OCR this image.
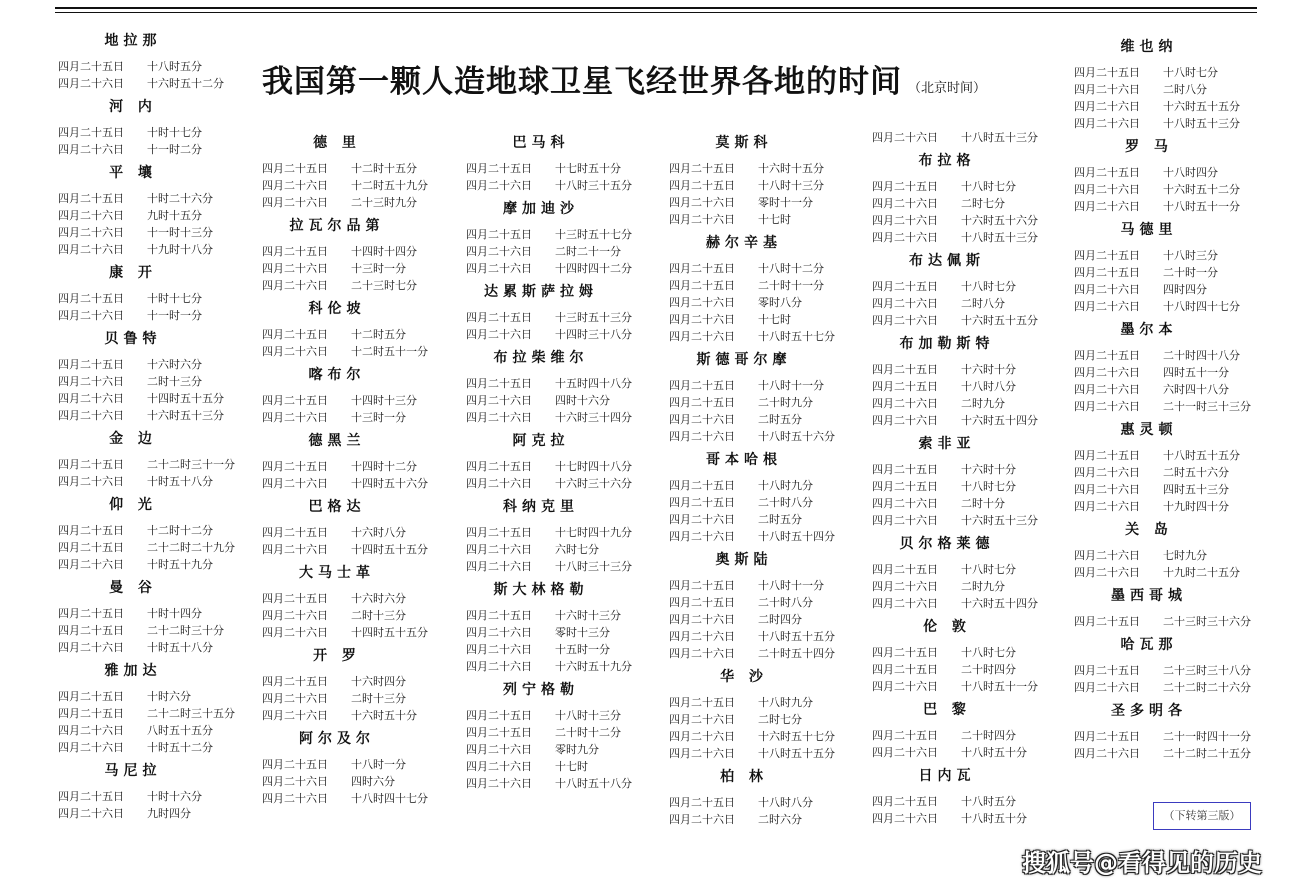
我国第一颗人造地球卫星飞经世界各地的时间 （北京时间）
地拉那
四月二十五日	十八时五分
四月二十六日	十六时五十二分
河 内
四月二十五日	十时十七分
四月二十六日	十一时二分
平 壤
四月二十五日	十时二十六分
四月二十六日	九时十五分
四月二十六日	十一时十三分
四月二十六日	十九时十八分
康 开
四月二十五日	十时十七分
四月二十六日	十一时一分
贝鲁特
四月二十五日	十六时六分
四月二十六日	二时十三分
四月二十六日	十四时五十五分
四月二十六日	十六时五十三分
金 边
四月二十五日	二十二时三十一分
四月二十六日	十时五十八分
仰 光
四月二十五日	十二时十二分
四月二十五日	二十二时二十九分
四月二十六日	十时五十九分
曼 谷
四月二十五日	十时十四分
四月二十五日	二十二时三十分
四月二十六日	十时五十八分
雅加达
四月二十五日	十时六分
四月二十五日	二十二时三十五分
四月二十六日	八时五十五分
四月二十六日	十时五十二分
马尼拉
四月二十五日	十时十六分
四月二十六日	九时四分
德 里
四月二十五日	十二时十五分
四月二十六日	十二时五十九分
四月二十六日	二十三时九分
拉瓦尔品第
四月二十五日	十四时十四分
四月二十六日	十三时一分
四月二十六日	二十三时七分
科伦坡
四月二十五日	十二时五分
四月二十六日	十二时五十一分
喀布尔
四月二十五日	十四时十三分
四月二十六日	十三时一分
德黑兰
四月二十五日	十四时十二分
四月二十六日	十四时五十六分
巴格达
四月二十五日	十六时八分
四月二十六日	十四时五十五分
大马士革
四月二十五日	十六时六分
四月二十六日	二时十三分
四月二十六日	十四时五十五分
开 罗
四月二十五日	十六时四分
四月二十六日	二时十三分
四月二十六日	十六时五十分
阿尔及尔
四月二十五日	十八时一分
四月二十六日	四时六分
四月二十六日	十八时四十七分
巴马科
四月二十五日	十七时五十分
四月二十六日	十八时三十五分
摩加迪沙
四月二十五日	十三时五十七分
四月二十六日	二时二十一分
四月二十六日	十四时四十二分
达累斯萨拉姆
四月二十五日	十三时五十三分
四月二十六日	十四时三十八分
布拉柴维尔
四月二十五日	十五时四十八分
四月二十六日	四时十六分
四月二十六日	十六时三十四分
阿克拉
四月二十五日	十七时四十八分
四月二十六日	十六时三十六分
科纳克里
四月二十五日	十七时四十九分
四月二十六日	六时七分
四月二十六日	十八时三十三分
斯大林格勒
四月二十五日	十六时十三分
四月二十六日	零时十三分
四月二十六日	十五时一分
四月二十六日	十六时五十九分
列宁格勒
四月二十五日	十八时十三分
四月二十五日	二十时十二分
四月二十六日	零时九分
四月二十六日	十七时
四月二十六日	十八时五十八分
莫斯科
四月二十五日	十六时十五分
四月二十五日	十八时十三分
四月二十六日	零时十一分
四月二十六日	十七时
赫尔辛基
四月二十五日	十八时十二分
四月二十五日	二十时十一分
四月二十六日	零时八分
四月二十六日	十七时
四月二十六日	十八时五十七分
斯德哥尔摩
四月二十五日	十八时十一分
四月二十五日	二十时九分
四月二十六日	二时五分
四月二十六日	十八时五十六分
哥本哈根
四月二十五日	十八时九分
四月二十五日	二十时八分
四月二十六日	二时五分
四月二十六日	十八时五十四分
奥斯陆
四月二十五日	十八时十一分
四月二十五日	二十时八分
四月二十六日	二时四分
四月二十六日	十八时五十五分
四月二十六日	二十时五十四分
华 沙
四月二十五日	十八时九分
四月二十六日	二时七分
四月二十六日	十六时五十七分
四月二十六日	十八时五十五分
柏 林
四月二十五日	十八时八分
四月二十六日	二时六分
四月二十六日	十八时五十三分
布拉格
四月二十五日	十八时七分
四月二十六日	二时七分
四月二十六日	十六时五十六分
四月二十六日	十八时五十三分
布达佩斯
四月二十五日	十八时七分
四月二十六日	二时八分
四月二十六日	十六时五十五分
布加勒斯特
四月二十五日	十六时十分
四月二十五日	十八时八分
四月二十六日	二时九分
四月二十六日	十六时五十四分
索非亚
四月二十五日	十六时十分
四月二十五日	十八时七分
四月二十六日	二时十分
四月二十六日	十六时五十三分
贝尔格莱德
四月二十五日	十八时七分
四月二十六日	二时九分
四月二十六日	十六时五十四分
伦 敦
四月二十五日	十八时七分
四月二十五日	二十时四分
四月二十六日	十八时五十一分
巴 黎
四月二十五日	二十时四分
四月二十六日	十八时五十分
日内瓦
四月二十五日	十八时五分
四月二十六日	十八时五十分
维也纳
四月二十五日	十八时七分
四月二十六日	二时八分
四月二十六日	十六时五十五分
四月二十六日	十八时五十三分
罗 马
四月二十五日	十八时四分
四月二十六日	十六时五十二分
四月二十六日	十八时五十一分
马德里
四月二十五日	十八时三分
四月二十五日	二十时一分
四月二十六日	四时四分
四月二十六日	十八时四十七分
墨尔本
四月二十五日	二十时四十八分
四月二十六日	四时五十一分
四月二十六日	六时四十八分
四月二十六日	二十一时三十三分
惠灵顿
四月二十五日	十八时五十五分
四月二十六日	二时五十六分
四月二十六日	四时五十三分
四月二十六日	十九时四十分
关 岛
四月二十六日	七时九分
四月二十六日	十九时二十五分
墨西哥城
四月二十五日	二十三时三十六分
哈瓦那
四月二十五日	二十三时三十八分
四月二十六日	二十二时二十六分
圣多明各
四月二十五日	二十一时四十一分
四月二十六日	二十二时二十五分
（下转第三版）
搜狐号@看得见的历史
